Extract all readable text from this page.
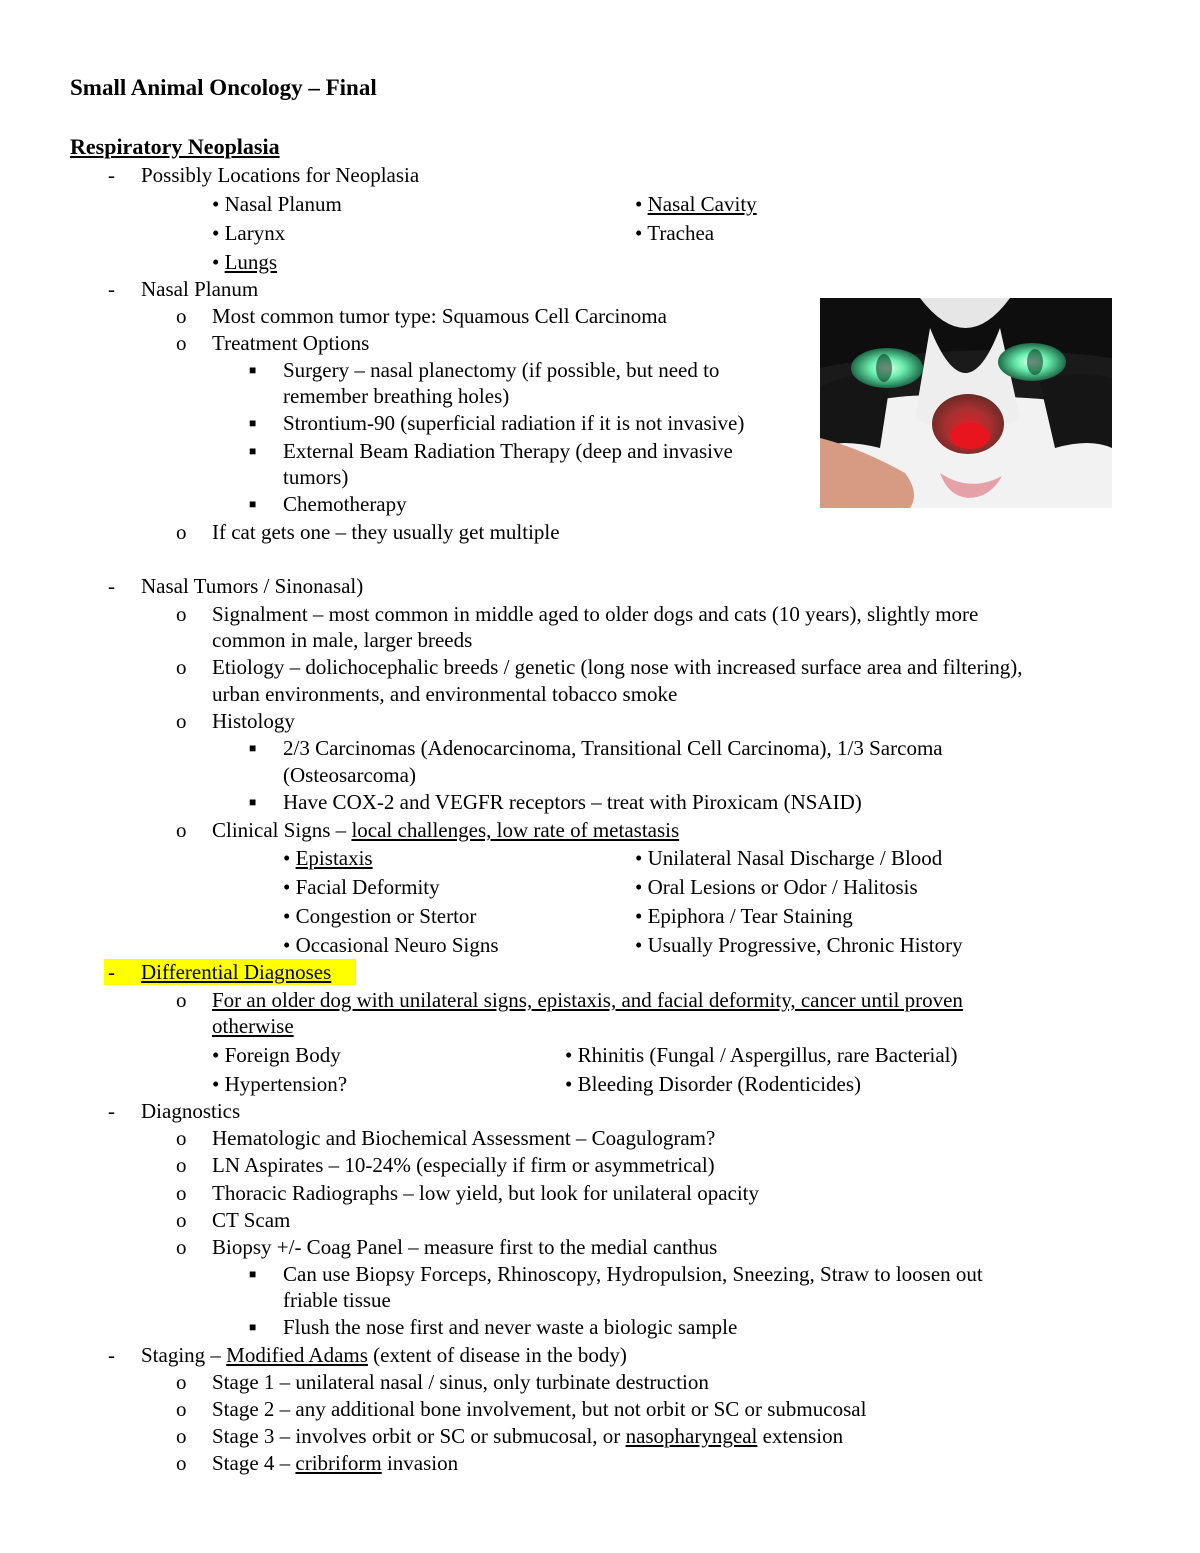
Small Animal Oncology – Final
Respiratory Neoplasia
- Possibly Locations for Neoplasia
• Nasal Planum
• Larynx
• Lungs
• Nasal Cavity
• Trachea
- Nasal Planum
o Most common tumor type: Squamous Cell Carcinoma
o Treatment Options
■ Surgery – nasal planectomy (if possible, but need to
remember breathing holes)
■ Strontium-90 (superficial radiation if it is not invasive)
■ External Beam Radiation Therapy (deep and invasive
tumors)
■ Chemotherapy
o If cat gets one – they usually get multiple
- Nasal Tumors / Sinonasal)
o Signalment – most common in middle aged to older dogs and cats (10 years), slightly more
common in male, larger breeds
o Etiology – dolichocephalic breeds / genetic (long nose with increased surface area and filtering),
urban environments, and environmental tobacco smoke
o Histology
■ 2/3 Carcinomas (Adenocarcinoma, Transitional Cell Carcinoma), 1/3 Sarcoma
(Osteosarcoma)
■ Have COX-2 and VEGFR receptors – treat with Piroxicam (NSAID)
o Clinical Signs – local challenges, low rate of metastasis
• Epistaxis
• Facial Deformity
• Congestion or Stertor
• Occasional Neuro Signs
• Unilateral Nasal Discharge / Blood
• Oral Lesions or Odor / Halitosis
• Epiphora / Tear Staining
• Usually Progressive, Chronic History
- Differential Diagnoses
o For an older dog with unilateral signs, epistaxis, and facial deformity, cancer until proven
otherwise
• Foreign Body
• Hypertension?
• Rhinitis (Fungal / Aspergillus, rare Bacterial)
• Bleeding Disorder (Rodenticides)
- Diagnostics
o Hematologic and Biochemical Assessment – Coagulogram?
o LN Aspirates – 10-24% (especially if firm or asymmetrical)
o Thoracic Radiographs – low yield, but look for unilateral opacity
o CT Scam
o Biopsy +/- Coag Panel – measure first to the medial canthus
■ Can use Biopsy Forceps, Rhinoscopy, Hydropulsion, Sneezing, Straw to loosen out
friable tissue
■ Flush the nose first and never waste a biologic sample
- Staging – Modified Adams (extent of disease in the body)
o Stage 1 – unilateral nasal / sinus, only turbinate destruction
o Stage 2 – any additional bone involvement, but not orbit or SC or submucosal
o Stage 3 – involves orbit or SC or submucosal, or nasopharyngeal extension
o Stage 4 – cribriform invasion
